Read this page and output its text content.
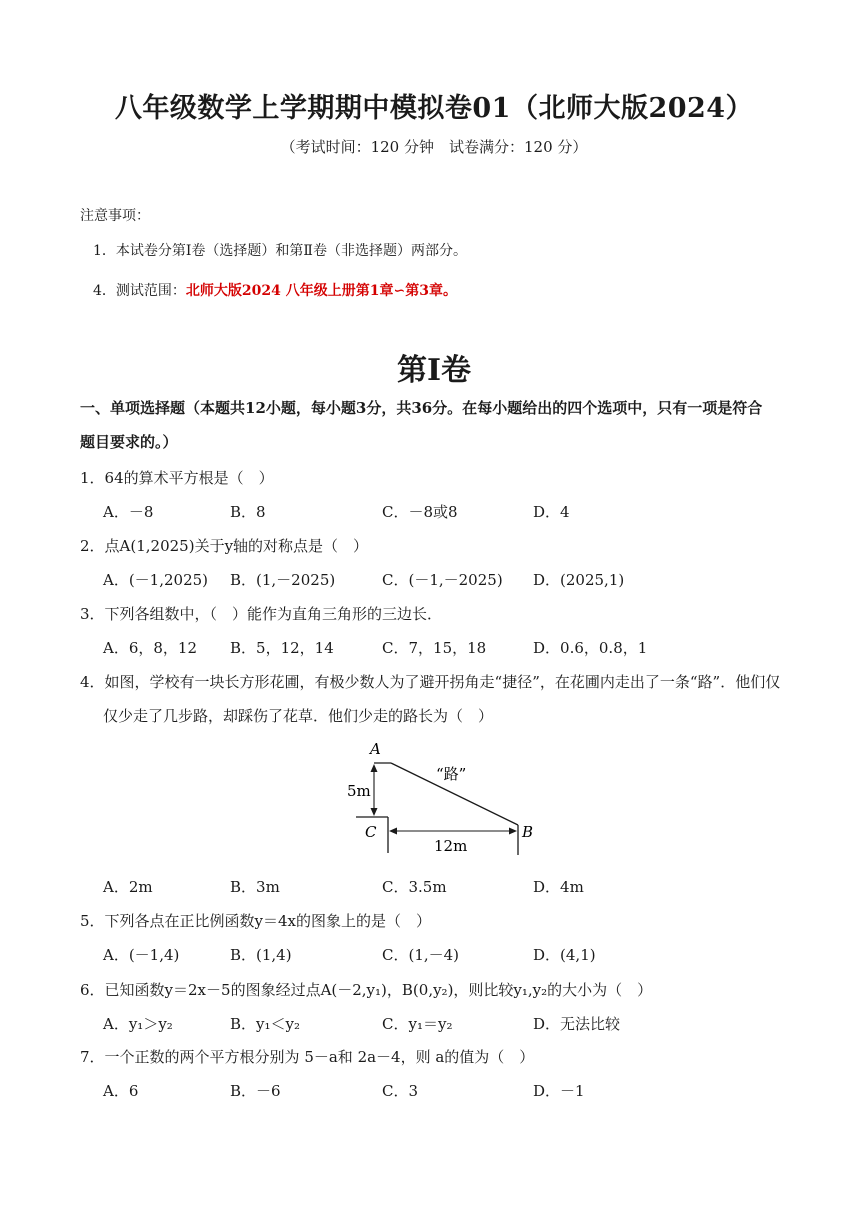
八年级数学上学期期中模拟卷01（北师大版2024）
（考试时间：120 分钟　试卷满分：120 分）
注意事项：
1．本试卷分第Ⅰ卷（选择题）和第Ⅱ卷（非选择题）两部分。
4．测试范围：北师大版2024 八年级上册第1章∽第3章。
第Ⅰ卷
一、单项选择题（本题共12小题，每小题3分，共36分。在每小题给出的四个选项中，只有一项是符合
题目要求的。）
1．64的算术平方根是（　）
A．－8	B．8	C．－8或8	D．4
2．点A(1,2025)关于y轴的对称点是（　）
A．(－1,2025) B．(1,－2025)	C．(－1,－2025) D．(2025,1)
3．下列各组数中，（　）能作为直角三角形的三边长．
A．6，8，12 B．5，12，14	C．7，15，18	D．0.6，0.8，1
4．如图，学校有一块长方形花圃，有极少数人为了避开拐角走“捷径”，在花圃内走出了一条“路”．他们仅
仅少走了几步路，却踩伤了花草．他们少走的路长为（　）
A
B
C
“路”
5m
12m
A．2m	B．3m	C．3.5m	D．4m
5．下列各点在正比例函数y＝4x的图象上的是（　）
A．(－1,4)	B．(1,4)	C．(1,－4)	D．(4,1)
6．已知函数y＝2x－5的图象经过点A(－2,y₁)，B(0,y₂)，则比较y₁,y₂的大小为（　）
A．y₁＞y₂	B．y₁＜y₂	C．y₁＝y₂	D．无法比较
7．一个正数的两个平方根分别为 5－a和 2a－4，则 a的值为（　）
A．6	B．－6	C．3	D．－1
